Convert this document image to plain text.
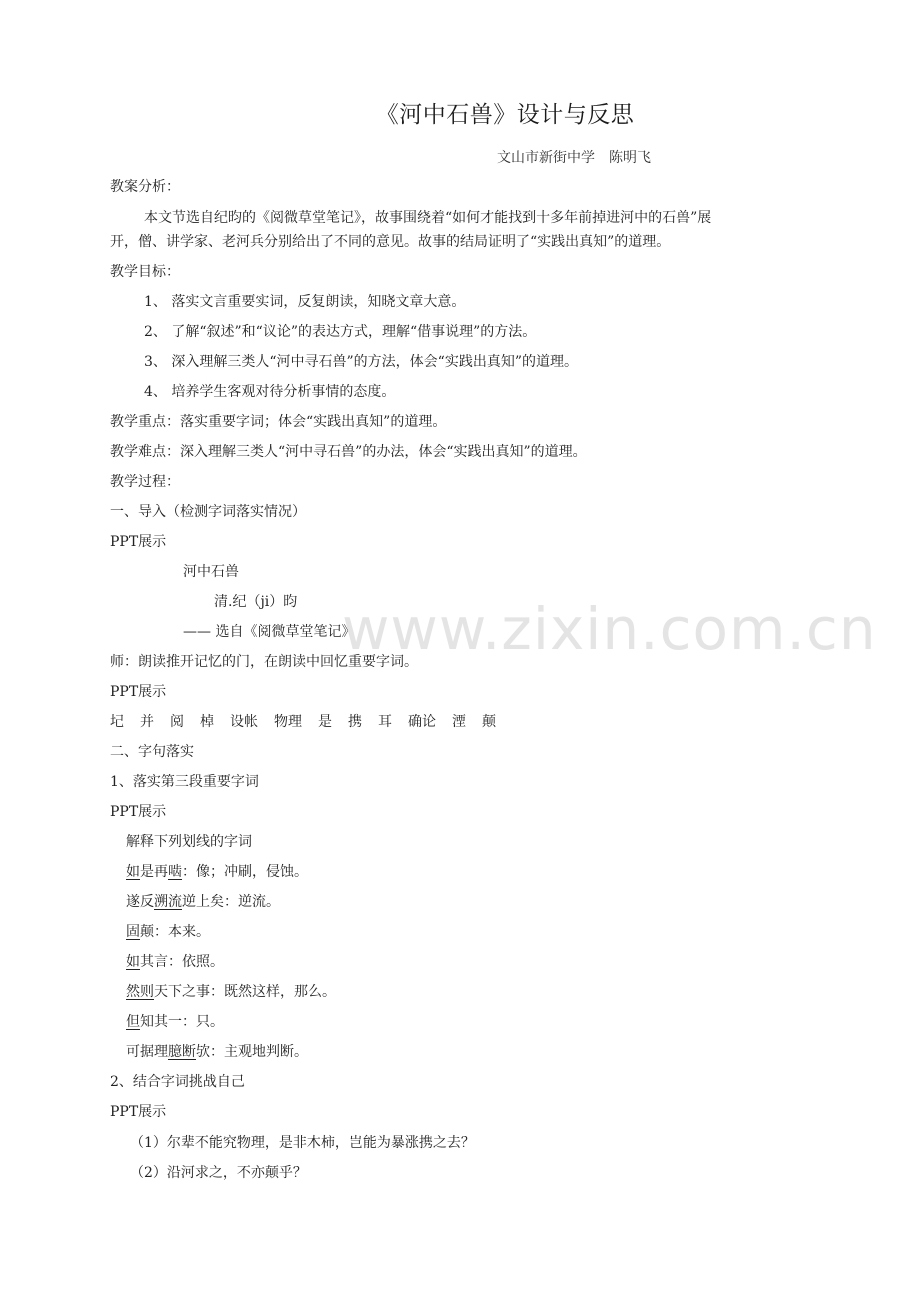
《河中石兽》设计与反思
文山市新街中学　陈明飞
教案分析：
本文节选自纪昀的《阅微草堂笔记》，故事围绕着“如何才能找到十多年前掉进河中的石兽”展
开，僧、讲学家、老河兵分别给出了不同的意见。故事的结局证明了“实践出真知”的道理。
教学目标：
1、 落实文言重要实词，反复朗读，知晓文章大意。
2、 了解“叙述”和“议论”的表达方式，理解“借事说理”的方法。
3、 深入理解三类人“河中寻石兽”的方法，体会“实践出真知”的道理。
4、 培养学生客观对待分析事情的态度。
教学重点：落实重要字词；体会“实践出真知”的道理。
教学难点：深入理解三类人“河中寻石兽”的办法，体会“实践出真知”的道理。
教学过程：
一、导入（检测字词落实情况）
PPT展示
河中石兽
清.纪（ji）昀
—— 选自《阅微草堂笔记》
师：朗读推开记忆的门，在朗读中回忆重要字词。
PPT展示
圮 并 阅 棹 设帐 物理 是 携 耳 确论 湮 颠
二、字句落实
1、落实第三段重要字词
PPT展示
解释下列划线的字词
如是再啮：像；冲刷，侵蚀。
遂反溯流逆上矣：逆流。
固颠：本来。
如其言：依照。
然则天下之事：既然这样，那么。
但知其一：只。
可据理臆断欤：主观地判断。
2、结合字词挑战自己
PPT展示
（1）尔辈不能究物理，是非木柿，岂能为暴涨携之去？
（2）沿河求之，不亦颠乎？
www.zixin.com.cn
